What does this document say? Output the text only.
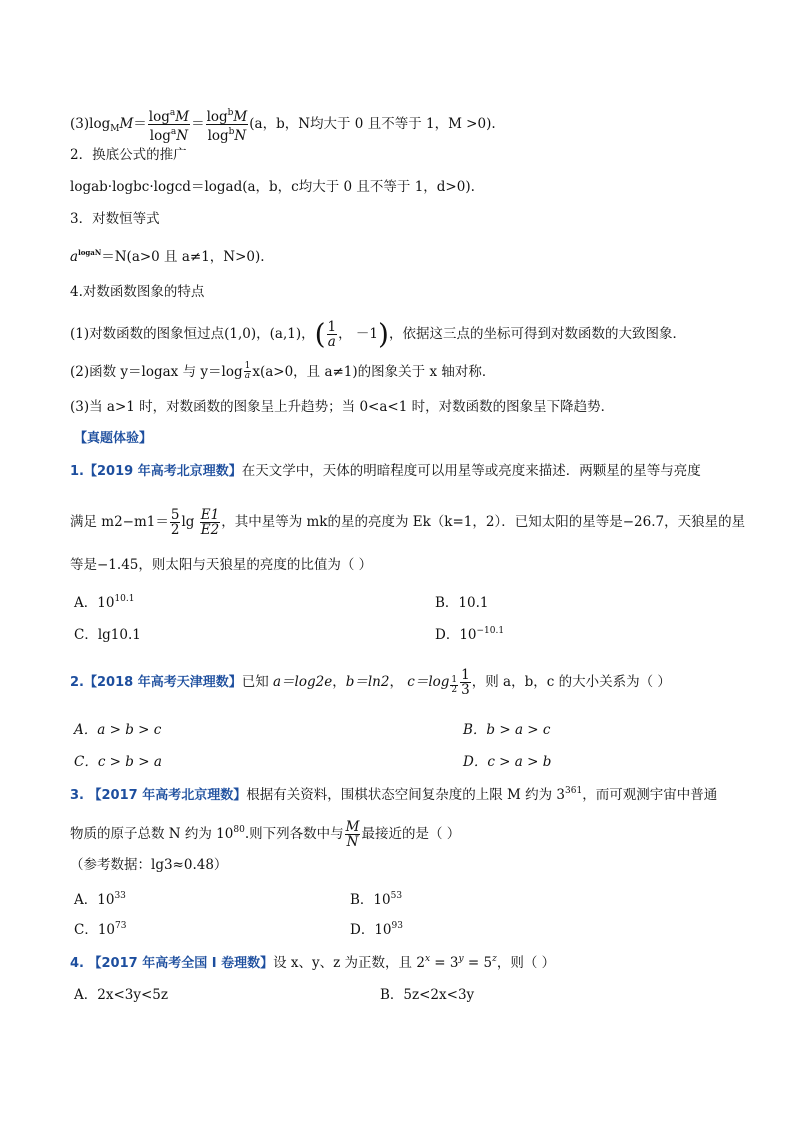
$(3)\log_MM= \frac{\log^aM}{\log^aN} = \frac{\log^bM}{\log^bN} (a$，b，N均大于 0 且不等于 1，M >0).
2．换底公式的推广
logab·logbc·logcd＝logad(a，b，c均大于 0 且不等于 1，d>0).
3．对数恒等式
$a^{logaN}=N(a>0$ 且 a≠1，N>0).
4.对数函数图象的特点
(1)对数函数的图象恒过点(1,0)，(a,1)，( $\frac{1}{a}$ ， －1)，依据这三点的坐标可得到对数函数的大致图象．
(2)函数 y＝logax 与 $y=\log \frac{1}{a} x(a>0$，且 a≠1)的图象关于 x 轴对称．
(3)当 a>1 时，对数函数的图象呈上升趋势；当 0<a<1 时，对数函数的图象呈下降趋势．
【真题体验】
1.【2019 年高考北京理数】在天文学中，天体的明暗程度可以用星等或亮度来描述．两颗星的星等与亮度
满足 $m2-m1= \frac{5}{2}$ $\lg \frac{E1}{E2}$ ，其中星等为 mk的星的亮度为 Ek（k=1，2）．已知太阳的星等是−26.7，天狼星的星
等是−1.45，则太阳与天狼星的亮度的比值为（ ）
A．$10^{10.1}$	B．10.1
C．lg10.1	D．$10^{-10.1}$
2.【2018 年高考天津理数】已知 a＝log2e，b＝ln2， $c=\log \frac{1}{2} \frac{1}{3}$ ，则 a，b，c 的大小关系为（ ）
A．a > b > c	B．b > a > c
C．c > b > a	D．c > a > b
3. 【2017 年高考北京理数】根据有关资料，围棋状态空间复杂度的上限 M 约为 $3^{361}$，而可观测宇宙中普通
物质的原子总数 N 约为 $10^{80}$.则下列各数中与 $\frac{M}{N}$ 最接近的是（ ）
（参考数据：lg3≈0.48）
A．$10^{33}$	B．$10^{53}$
C．$10^{73}$	D．$10^{93}$
4. 【2017 年高考全国 I 卷理数】设 x、y、z 为正数，且 $2^x = 3^y = 5^z$，则（ ）
A．2x<3y<5z	B．5z<2x<3y
